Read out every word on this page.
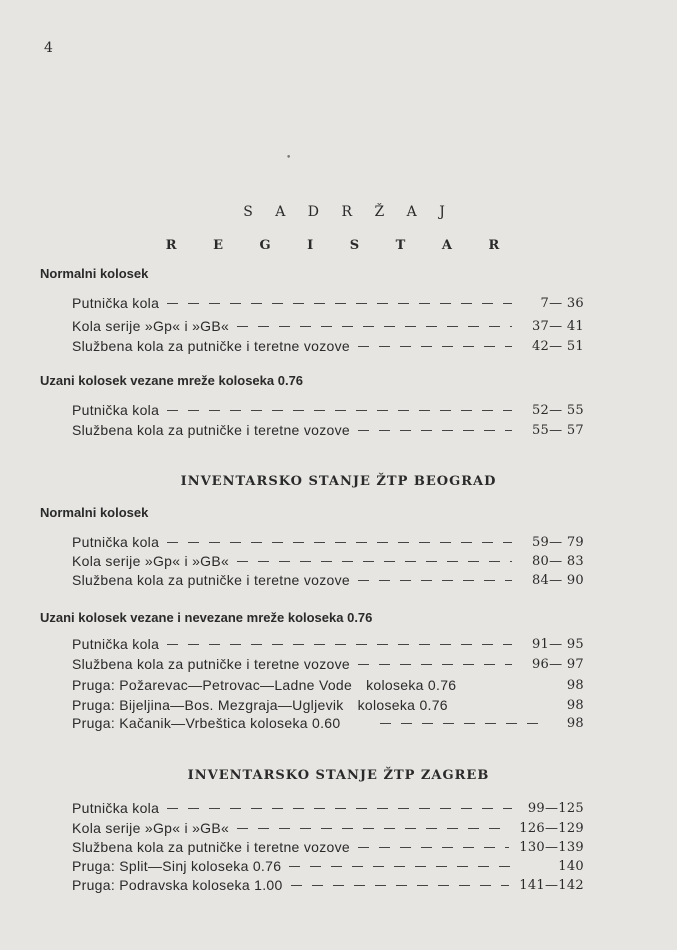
4
•
S A D R Ž A J
R E G I S T A R
Normalni kolosek
Putnička kola	7— 36
Kola serije »Gp« i »GB«	37— 41
Službena kola za putničke i teretne vozove	42— 51
Uzani kolosek vezane mreže koloseka 0.76
Putnička kola	52— 55
Službena kola za putničke i teretne vozove	55— 57
INVENTARSKO STANJE ŽTP BEOGRAD
Normalni kolosek
Putnička kola	59— 79
Kola serije »Gp« i »GB«	80— 83
Službena kola za putničke i teretne vozove	84— 90
Uzani kolosek vezane i nevezane mreže koloseka 0.76
Putnička kola	91— 95
Službena kola za putničke i teretne vozove	96— 97
Pruga: Požarevac—Petrovac—Ladne Vode koloseka 0.76	98
Pruga: Bijeljina—Bos. Mezgraja—Ugljevik koloseka 0.76	98
Pruga: Kačanik—Vrbeštica koloseka 0.60	98
INVENTARSKO STANJE ŽTP ZAGREB
Putnička kola	99—125
Kola serije »Gp« i »GB«	126—129
Službena kola za putničke i teretne vozove	130—139
Pruga: Split—Sinj koloseka 0.76	140
Pruga: Podravska koloseka 1.00	141—142
